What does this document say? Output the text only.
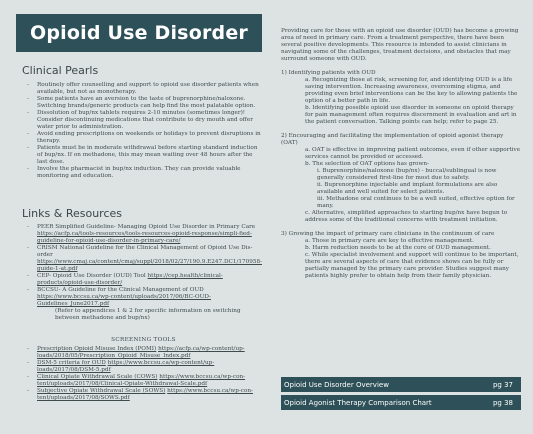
Opioid Use Disorder
Clinical Pearls
- Routinely offer counselling and support to opioid use disorder patients when available, but not as monotherapy.
- Some patients have an aversion to the taste of buprenorphine/naloxone. Switching brands/generic products can help find the most palatable option.
- Dissolution of bup/nx tablets requires 2-10 minutes (sometimes longer)! Consider discontinuing medications that contribute to dry mouth and offer water prior to administration.
- Avoid ending prescriptions on weekends or holidays to prevent disruptions in therapy.
- Patients must be in moderate withdrawal before starting standard induction of bup/nx. If on methadone, this may mean waiting over 48 hours after the last dose.
- Involve the pharmacist in bup/nx induction. They can provide valuable monitoring and education.
Links & Resources
- PEER Simplified Guideline- Managing Opioid Use Disorder in Primary Care https://acfp.ca/tools-resources/tools-resources-opioid-response/simpli-fied-guideline-for-opioid-use-disorder-in-primary-care/
- CRISM National Guideline for the Clinical Management of Opioid Use Dis-order https://www.cmaj.ca/content/cmaj/suppl/2018/02/27/190.9.E247.DC1/170958-guide-1-at.pdf
- CEP- Opioid Use Disorder (OUD) Tool https://cep.health/clinical-products/opioid-use-disorder/
- BCCSU- A Guideline for the Clinical Management of OUD https://www.bccsu.ca/wp-content/uploads/2017/06/BC-OUD-Guidelines_June2017.pdf
(Refer to appendices 1 & 2 for specific information on switching between methadone and bup/nx)
SCREENING TOOLS
- Prescription Opioid Misuse Index (POMI) https://acfp.ca/wp-content/up-loads/2018/05/Prescription_Opioid_Misuse_Index.pdf
- DSM-5 criteria for OUD https://www.bccsu.ca/wp-content/up-loads/2017/08/DSM-5.pdf
- Clinical Opiate Withdrawal Scale (COWS) https://www.bccsu.ca/wp-con-tent/uploads/2017/08/Clinical-Opiate-Withdrawal-Scale.pdf
- Subjective Opiate Withdrawal Scale (SOWS) https://www.bccsu.ca/wp-con-tent/uploads/2017/08/SOWS.pdf

Providing care for those with an opioid use disorder (OUD) has become a growing area of need in primary care. From a treatment perspective, there have been several positive developments. This resource is intended to assist clinicians in navigating some of the challenges, treatment decisions, and obstacles that may surround someone with OUD.

1) Identifying patients with OUD

a. Recognizing those at risk, screening for, and identifying OUD is a life saving intervention. Increasing awareness, overcoming stigma, and providing even brief interventions can be the key to allowing patients the option of a better path in life.

b. Identifying possible opioid use disorder in someone on opioid therapy for pain management often requires discernment in evaluation and art in the patient conversation. Talking points can help; refer to page 25.

2) Encouraging and facilitating the implementation of opioid agonist therapy (OAT)

a. OAT is effective in improving patient outcomes, even if other supportive services cannot be provided or accessed.

b. The selection of OAT options has grown-

i. Buprenorphine/naloxone (bup/nx) - buccal/sublingual is now generally considered first-line for most due to safety.

ii. Buprenorphine injectable and implant formulations are also available and well suited for select patients.

iii. Methadone oral continues to be a well suited, effective option for many.

c. Alternative, simplified approaches to starting bup/nx have begun to address some of the traditional concerns with treatment initiation.

3) Growing the impact of primary care clinicians in the continuum of care

a. Those in primary care are key to effective management.

b. Harm reduction needs to be at the core of OUD management.

c. While specialist involvement and support will continue to be important, there are several aspects of care that evidence shows can be fully or partially managed by the primary care provider. Studies suggest many patients highly prefer to obtain help from their family physician.

Opioid Use Disorder Overview	pg 37
Opioid Agonist Therapy Comparison Chart	pg 38
